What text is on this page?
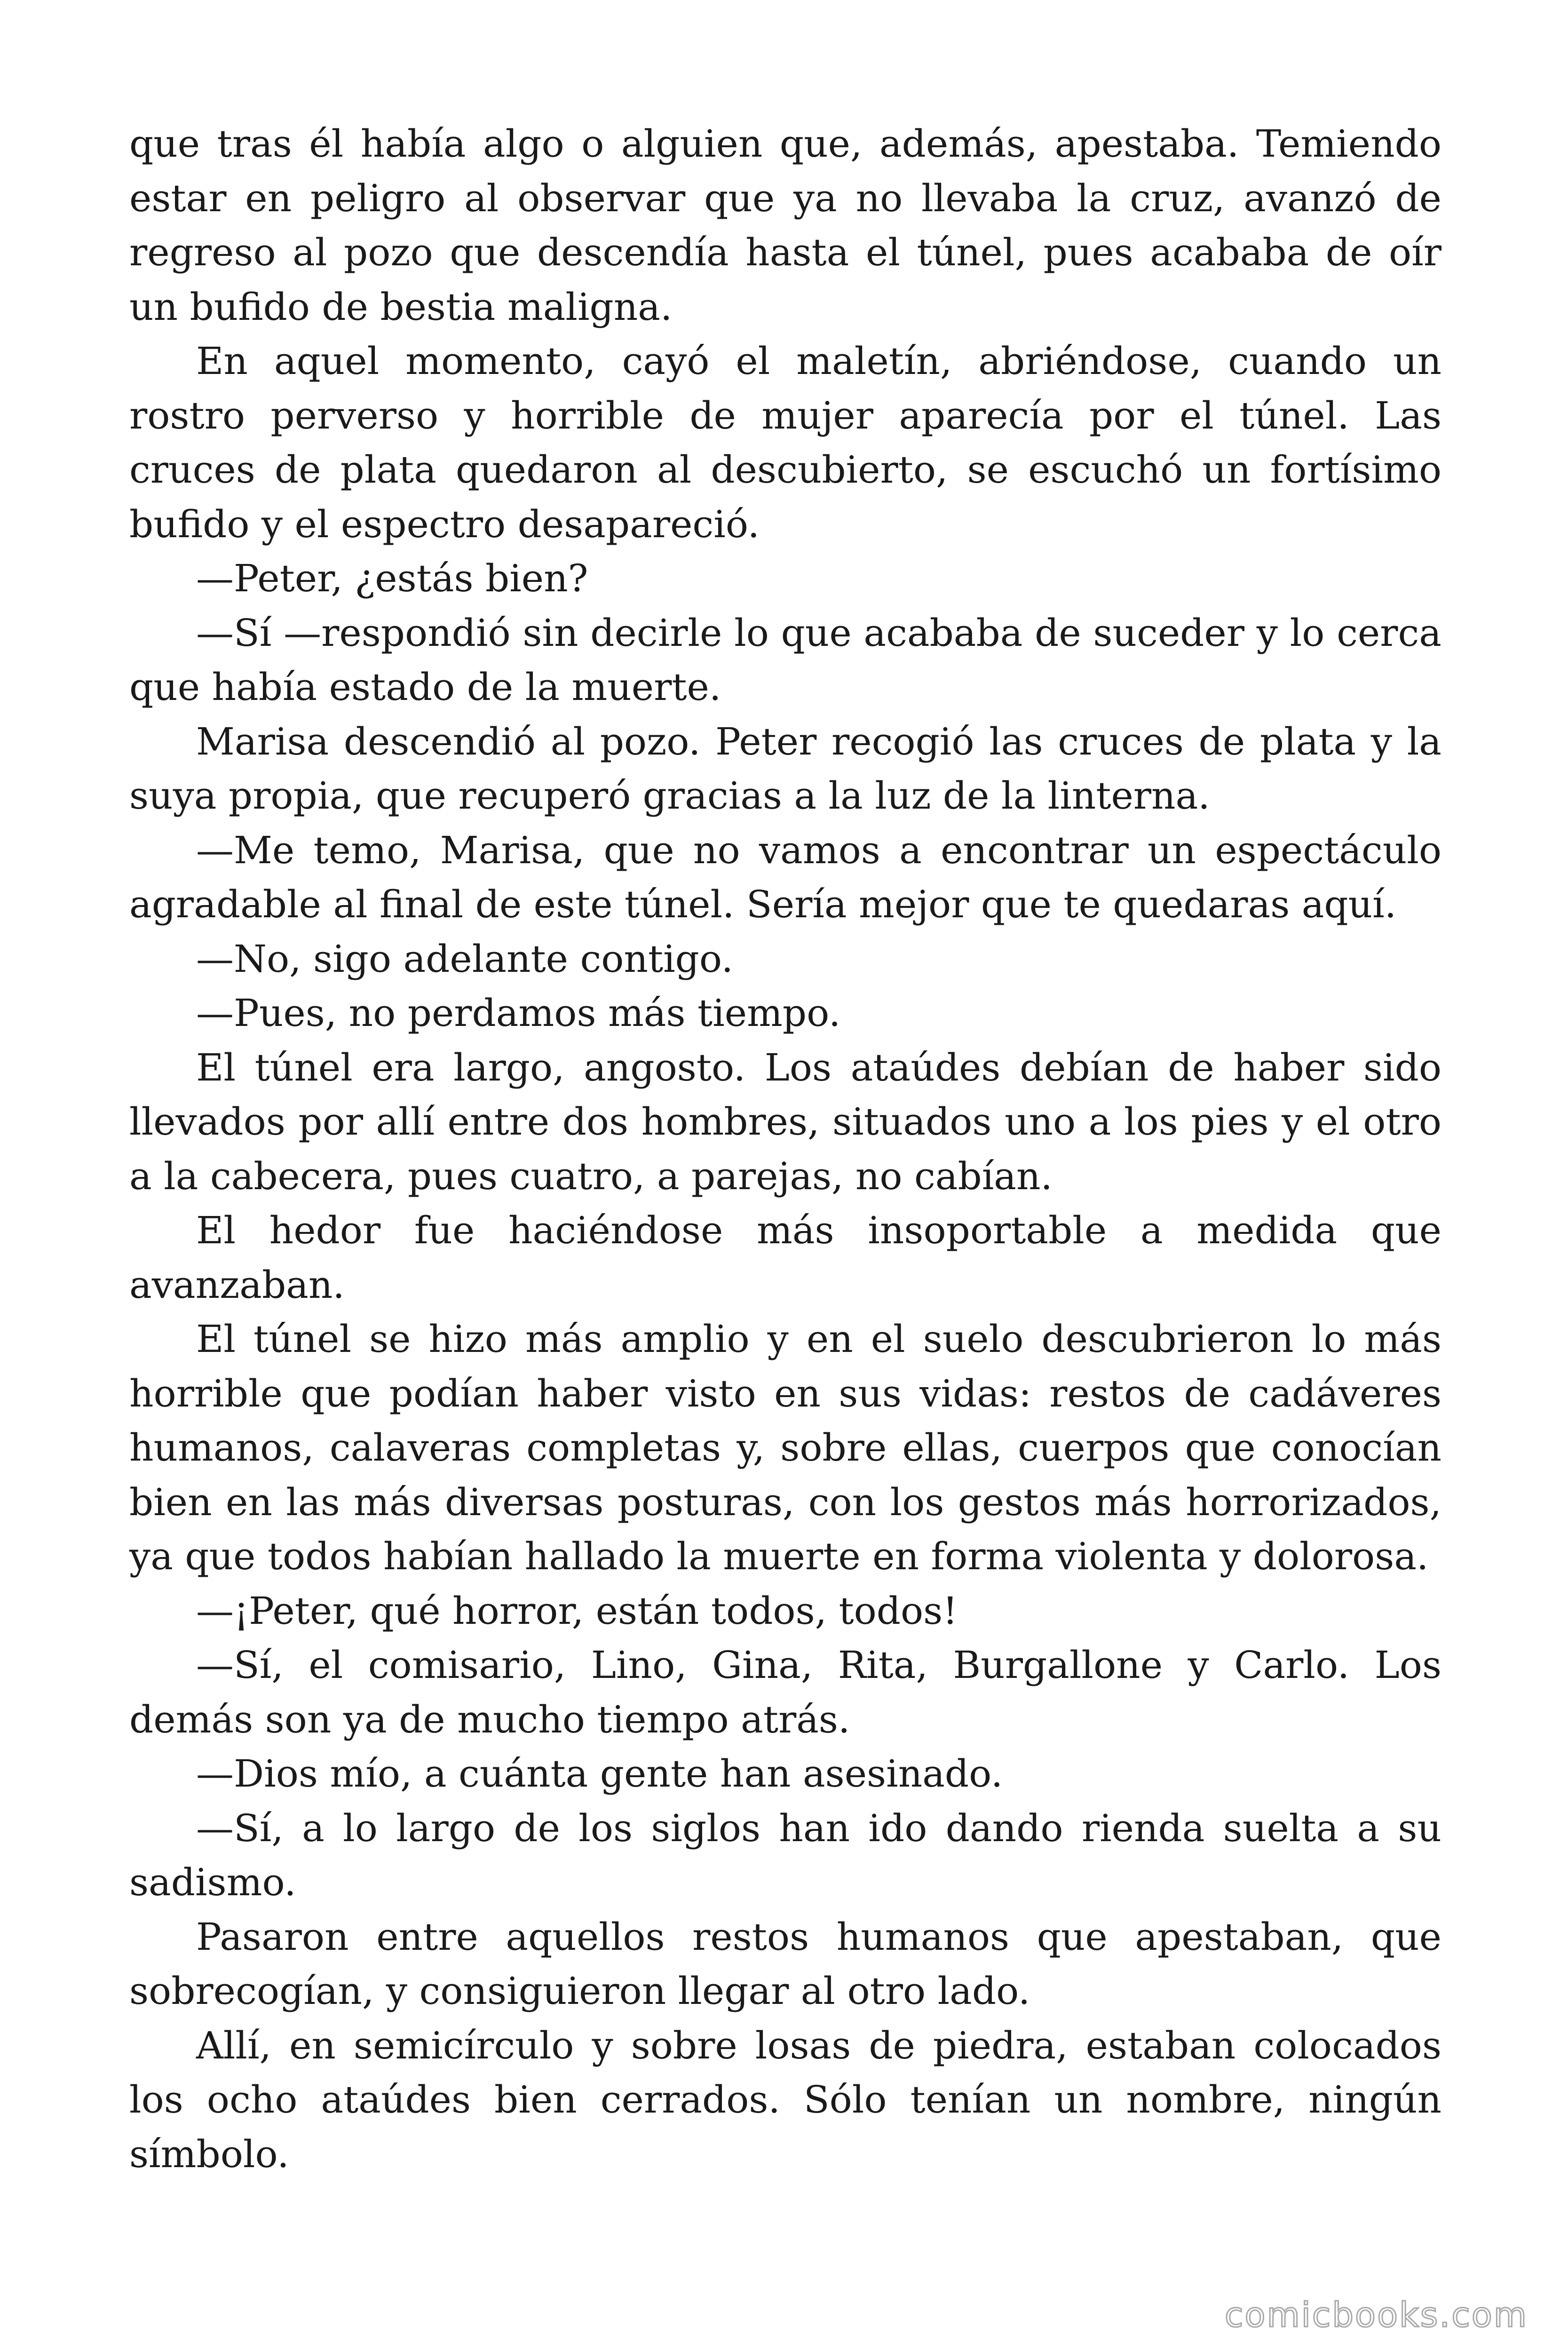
que tras él había algo o alguien que, además, apestaba. Temiendo estar en peligro al observar que ya no llevaba la cruz, avanzó de regreso al pozo que descendía hasta el túnel, pues acababa de oír un bufido de bestia maligna.

En aquel momento, cayó el maletín, abriéndose, cuando un rostro perverso y horrible de mujer aparecía por el túnel. Las cruces de plata quedaron al descubierto, se escuchó un fortísimo bufido y el espectro desapareció.

—Peter, ¿estás bien?

—Sí —respondió sin decirle lo que acababa de suceder y lo cerca que había estado de la muerte.

Marisa descendió al pozo. Peter recogió las cruces de plata y la suya propia, que recuperó gracias a la luz de la linterna.

—Me temo, Marisa, que no vamos a encontrar un espectáculo agradable al final de este túnel. Sería mejor que te quedaras aquí.

—No, sigo adelante contigo.

—Pues, no perdamos más tiempo.

El túnel era largo, angosto. Los ataúdes debían de haber sido llevados por allí entre dos hombres, situados uno a los pies y el otro a la cabecera, pues cuatro, a parejas, no cabían.

El hedor fue haciéndose más insoportable a medida que avanzaban.

El túnel se hizo más amplio y en el suelo descubrieron lo más horrible que podían haber visto en sus vidas: restos de cadáveres humanos, calaveras completas y, sobre ellas, cuerpos que conocían bien en las más diversas posturas, con los gestos más horrorizados, ya que todos habían hallado la muerte en forma violenta y dolorosa.

—¡Peter, qué horror, están todos, todos!

—Sí, el comisario, Lino, Gina, Rita, Burgallone y Carlo. Los demás son ya de mucho tiempo atrás.

—Dios mío, a cuánta gente han asesinado.

—Sí, a lo largo de los siglos han ido dando rienda suelta a su sadismo.

Pasaron entre aquellos restos humanos que apestaban, que sobrecogían, y consiguieron llegar al otro lado.

Allí, en semicírculo y sobre losas de piedra, estaban colocados los ocho ataúdes bien cerrados. Sólo tenían un nombre, ningún símbolo.

comicbooks.com
